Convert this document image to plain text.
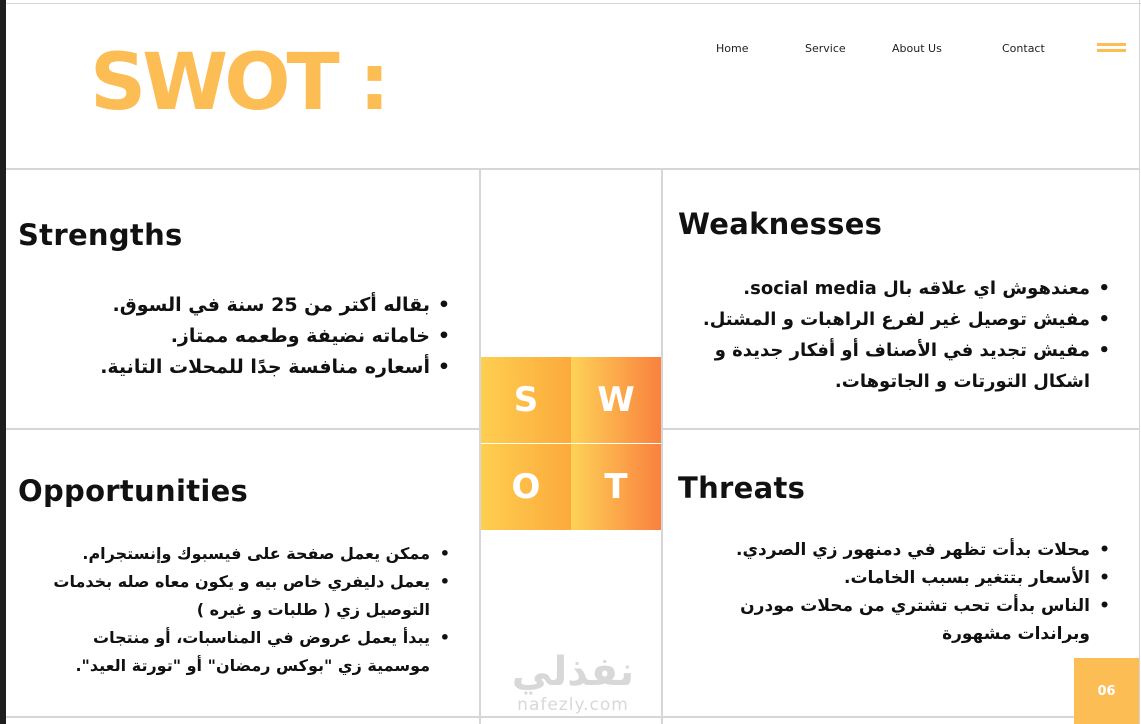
SWOT :	Home	Service	About Us	Contact
Strengths
• بقاله أكتر من 25 سنة في السوق.
• خاماته نضيفة وطعمه ممتاز.
• أسعاره منافسة جدًا للمحلات التانية.
Weaknesses
• معندهوش اي علاقه بال social media.
• مفيش توصيل غير لفرع الراهبات و المشتل.
• مفيش تجديد في الأصناف أو أفكار جديدة و اشكال التورتات و الجاتوهات.
Opportunities
• ممكن يعمل صفحة على فيسبوك وإنستجرام.
• يعمل دليفري خاص بيه و يكون معاه صله بخدمات التوصيل زي ( طلبات و غيره )
• يبدأ يعمل عروض في المناسبات، أو منتجات موسمية زي "بوكس رمضان" أو "تورتة العيد".
Threats
• محلات بدأت تظهر في دمنهور زي الصردي.
• الأسعار بتتغير بسبب الخامات.
• الناس بدأت تحب تشتري من محلات مودرن وبراندات مشهورة
S	W
O	T
نفذلي
nafezly.com
06
